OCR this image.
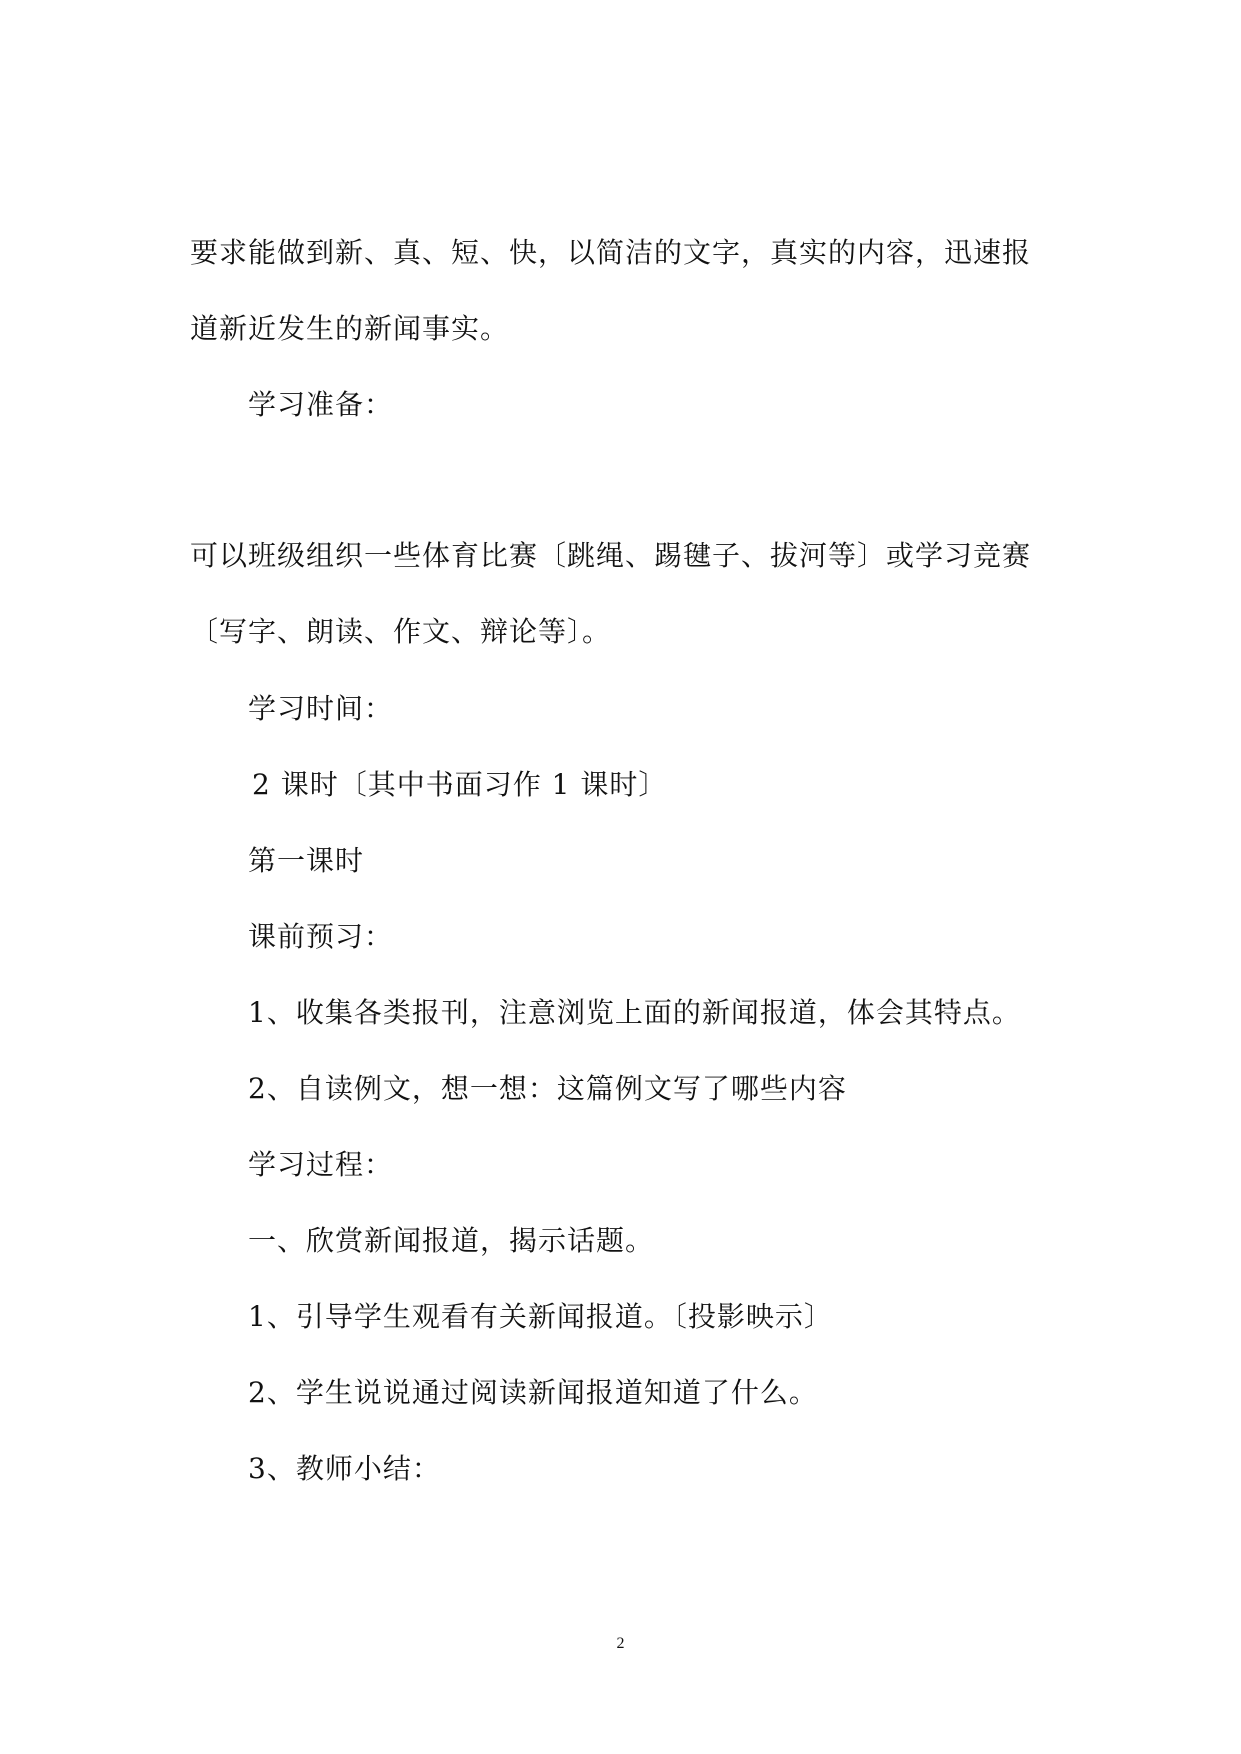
要求能做到新、真、短、快，以简洁的文字，真实的内容，迅速报
道新近发生的新闻事实。
学习准备：
可以班级组织一些体育比赛〔跳绳、踢毽子、拔河等〕或学习竞赛
〔写字、朗读、作文、辩论等〕。
学习时间：
2 课时〔其中书面习作 1 课时〕
第一课时
课前预习：
1、收集各类报刊，注意浏览上面的新闻报道，体会其特点。
2、自读例文，想一想：这篇例文写了哪些内容
学习过程：
一、欣赏新闻报道，揭示话题。
1、引导学生观看有关新闻报道。〔投影映示〕
2、学生说说通过阅读新闻报道知道了什么。
3、教师小结：
2
